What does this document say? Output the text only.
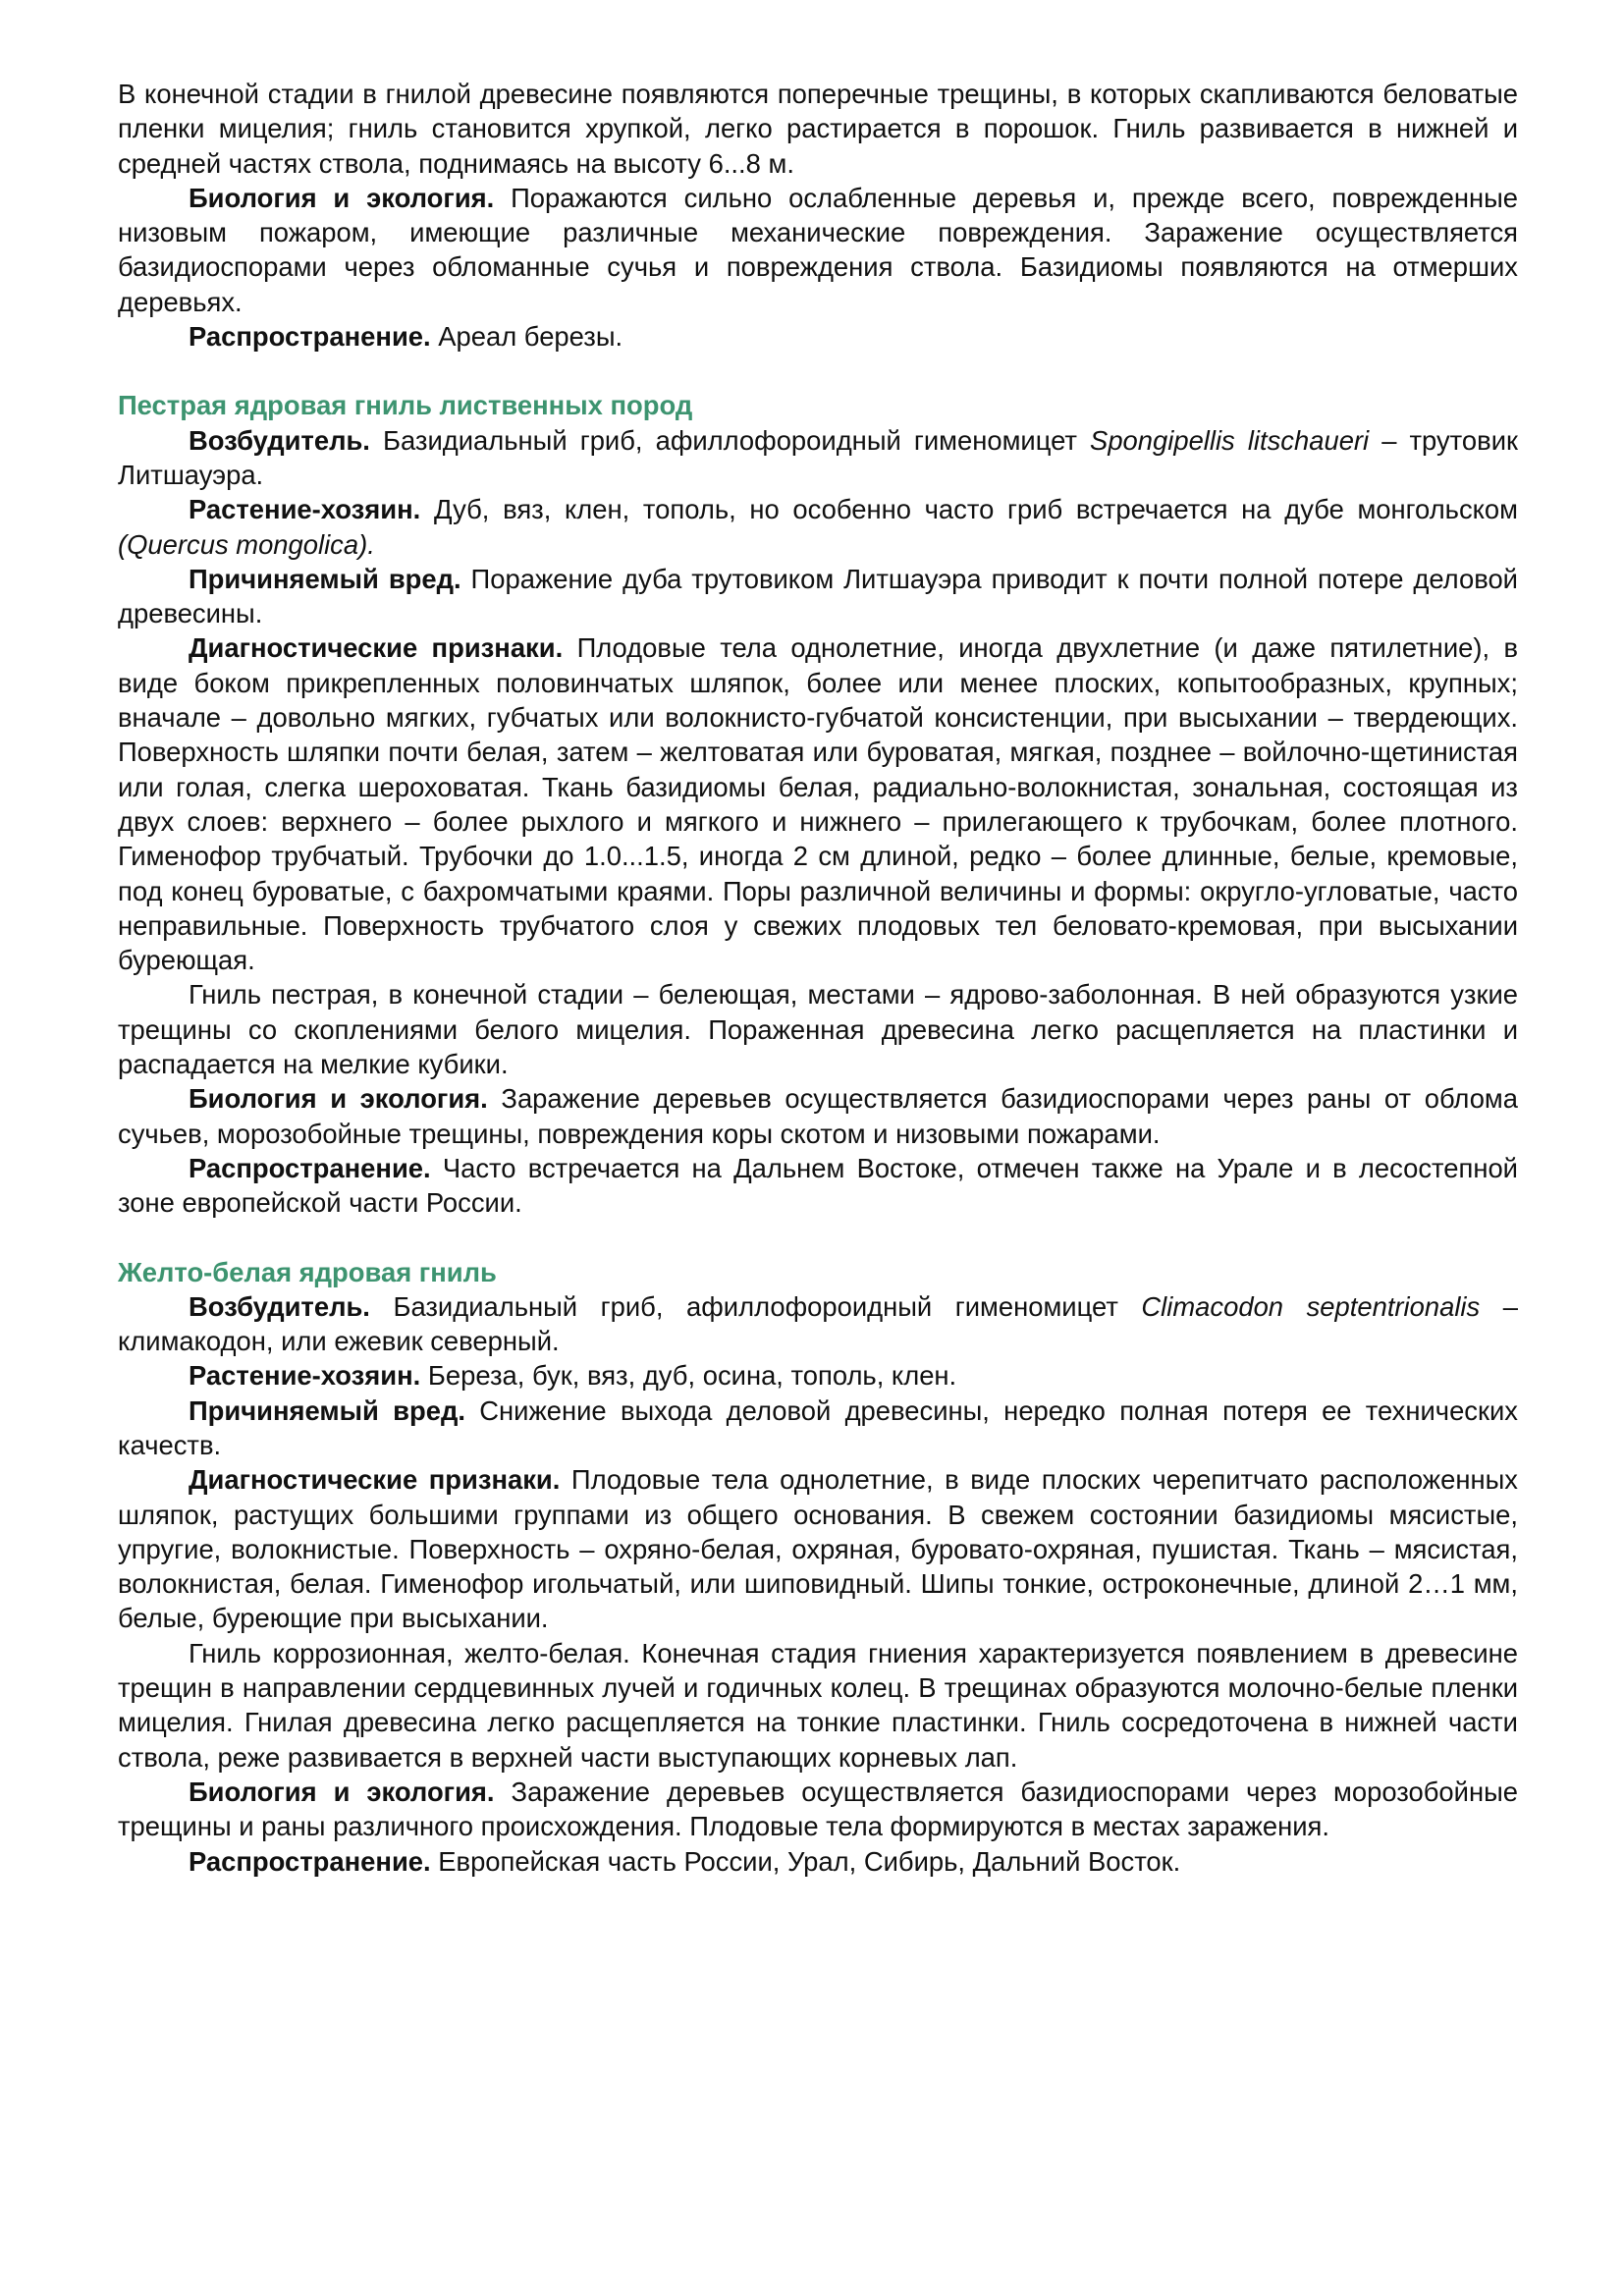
В конечной стадии в гнилой древесине появляются поперечные трещины, в которых скапливаются беловатые пленки мицелия; гниль становится хрупкой, легко растирается в порошок. Гниль развивается в нижней и средней частях ствола, поднимаясь на высоту 6...8 м.

Биология и экология. Поражаются сильно ослабленные деревья и, прежде всего, поврежденные низовым пожаром, имеющие различные механические повреждения. Заражение осуществляется базидиоспорами через обломанные сучья и повреждения ствола. Базидиомы появляются на отмерших деревьях.

Распространение. Ареал березы.

Пестрая ядровая гниль лиственных пород

Возбудитель. Базидиальный гриб, афиллофороидный гименомицет Spongipellis litschaueri – трутовик Литшауэра.

Растение-хозяин. Дуб, вяз, клен, тополь, но особенно часто гриб встречается на дубе монгольском (Quercus mongolica).

Причиняемый вред. Поражение дуба трутовиком Литшауэра приводит к почти полной потере деловой древесины.

Диагностические признаки. Плодовые тела однолетние, иногда двухлетние (и даже пятилетние), в виде боком прикрепленных половинчатых шляпок, более или менее плоских, копытообразных, крупных; вначале – довольно мягких, губчатых или волокнисто-губчатой консистенции, при высыхании – твердеющих. Поверхность шляпки почти белая, затем – желтоватая или буроватая, мягкая, позднее – войлочно-щетинистая или голая, слегка шероховатая. Ткань базидиомы белая, радиально-волокнистая, зональная, состоящая из двух слоев: верхнего – более рыхлого и мягкого и нижнего – прилегающего к трубочкам, более плотного. Гименофор трубчатый. Трубочки до 1.0...1.5, иногда 2 см длиной, редко – более длинные, белые, кремовые, под конец буроватые, с бахромчатыми краями. Поры различной величины и формы: округло-угловатые, часто неправильные. Поверхность трубчатого слоя у свежих плодовых тел беловато-кремовая, при высыхании буреющая.

Гниль пестрая, в конечной стадии – белеющая, местами – ядрово-заболонная. В ней образуются узкие трещины со скоплениями белого мицелия. Пораженная древесина легко расщепляется на пластинки и распадается на мелкие кубики.

Биология и экология. Заражение деревьев осуществляется базидиоспорами через раны от облома сучьев, морозобойные трещины, повреждения коры скотом и низовыми пожарами.

Распространение. Часто встречается на Дальнем Востоке, отмечен также на Урале и в лесостепной зоне европейской части России.

Желто-белая ядровая гниль

Возбудитель. Базидиальный гриб, афиллофороидный гименомицет Climacodon septentrionalis – климакодон, или ежевик северный.

Растение-хозяин. Береза, бук, вяз, дуб, осина, тополь, клен.

Причиняемый вред. Снижение выхода деловой древесины, нередко полная потеря ее технических качеств.

Диагностические признаки. Плодовые тела однолетние, в виде плоских черепитчато расположенных шляпок, растущих большими группами из общего основания. В свежем состоянии базидиомы мясистые, упругие, волокнистые. Поверхность – охряно-белая, охряная, буровато-охряная, пушистая. Ткань – мясистая, волокнистая, белая. Гименофор игольчатый, или шиповидный. Шипы тонкие, остроконечные, длиной 2…1 мм, белые, буреющие при высыхании.

Гниль коррозионная, желто-белая. Конечная стадия гниения характеризуется появлением в древесине трещин в направлении сердцевинных лучей и годичных колец. В трещинах образуются молочно-белые пленки мицелия. Гнилая древесина легко расщепляется на тонкие пластинки. Гниль сосредоточена в нижней части ствола, реже развивается в верхней части выступающих корневых лап.

Биология и экология. Заражение деревьев осуществляется базидиоспорами через морозобойные трещины и раны различного происхождения. Плодовые тела формируются в местах заражения.

Распространение. Европейская часть России, Урал, Сибирь, Дальний Восток.
